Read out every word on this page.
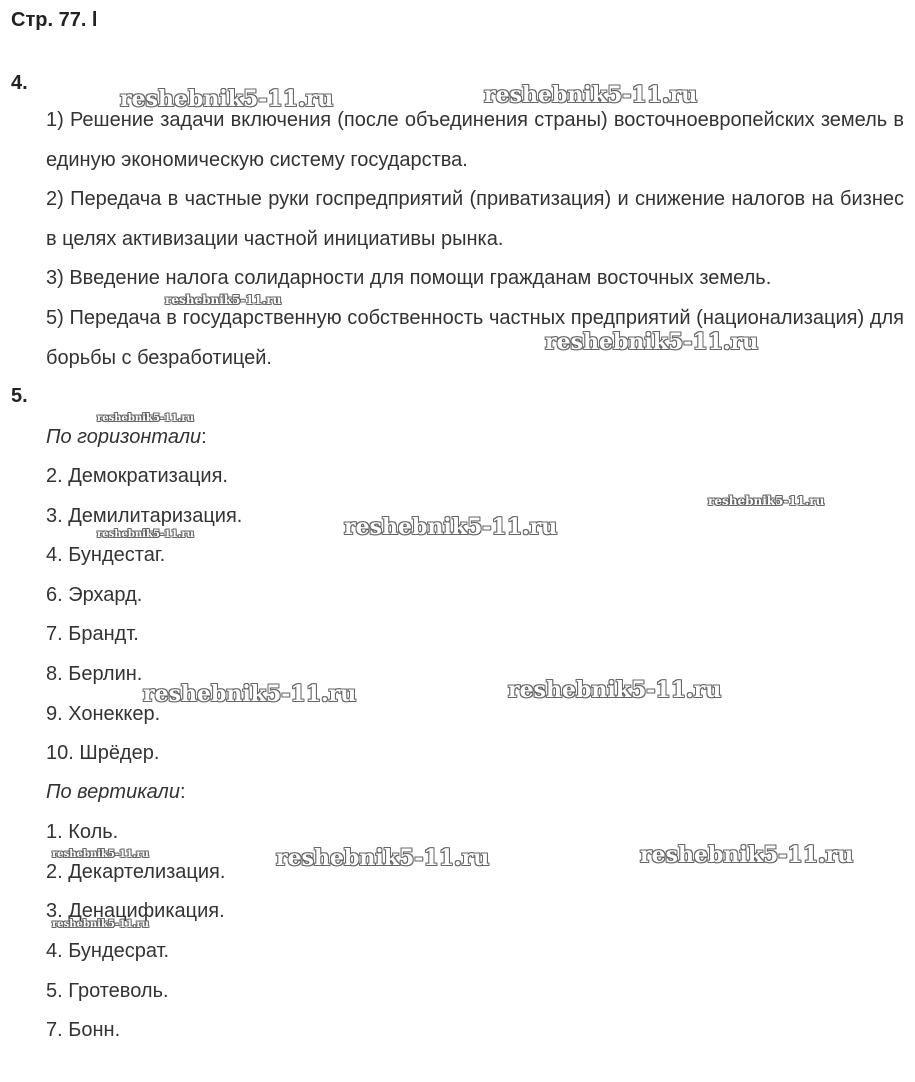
Стр. 77. l
4.
1) Решение задачи включения (после объединения страны) восточноевропейских земель в единую экономическую систему государства.
2) Передача в частные руки госпредприятий (приватизация) и снижение налогов на бизнес в целях активизации частной инициативы рынка.
3) Введение налога солидарности для помощи гражданам восточных земель.
5) Передача в государственную собственность частных предприятий (национализация) для борьбы с безработицей.
5.
По горизонтали:
2. Демократизация.
3. Демилитаризация.
4. Бундестаг.
6. Эрхард.
7. Брандт.
8. Берлин.
9. Хонеккер.
10. Шрёдер.
По вертикали:
1. Коль.
2. Декартелизация.
3. Денацификация.
4. Бундесрат.
5. Гротеволь.
7. Бонн.
reshebnik5-11.ru	reshebnik5-11.ru
reshebnik5-11.ru
reshebnik5-11.ru
reshebnik5-11.ru
reshebnik5-11.ru
reshebnik5-11.ru
reshebnik5-11.ru
reshebnik5-11.ru	reshebnik5-11.ru
reshebnik5-11.ru	reshebnik5-11.ru	reshebnik5-11.ru
reshebnik5-11.ru
